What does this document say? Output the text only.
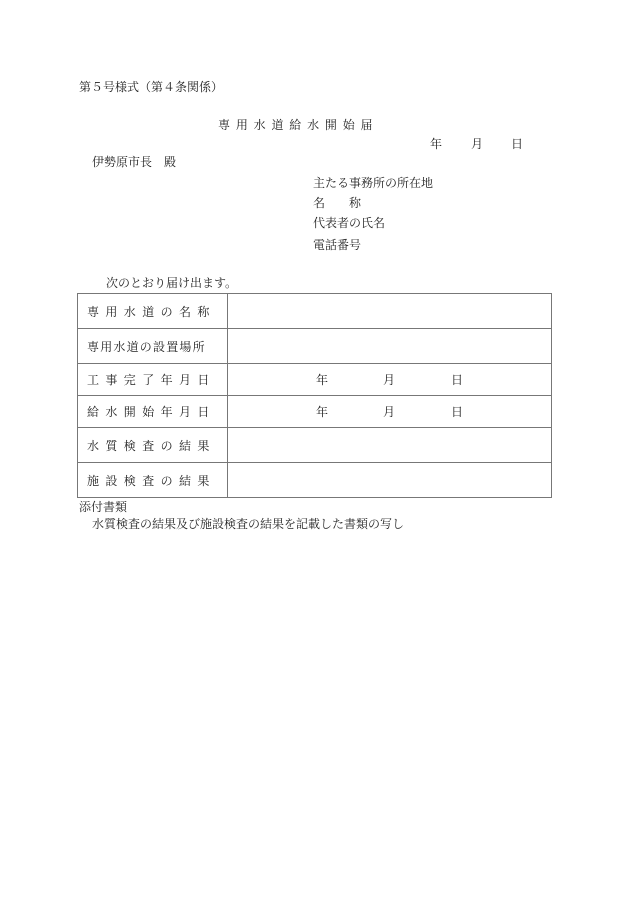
第５号様式（第４条関係）
専 用 水 道 給 水 開 始 届
年 月 日
伊勢原市長　殿
主たる事務所の所在地
名　　称
代表者の氏名
電話番号
次のとおり届け出ます。
専用水道の名称	
専用水道の設置場所	
工事完了年月日	年 月 日

給水開始年月日	年 月 日

水質検査の結果	
施設検査の結果	
添付書類
水質検査の結果及び施設検査の結果を記載した書類の写し
